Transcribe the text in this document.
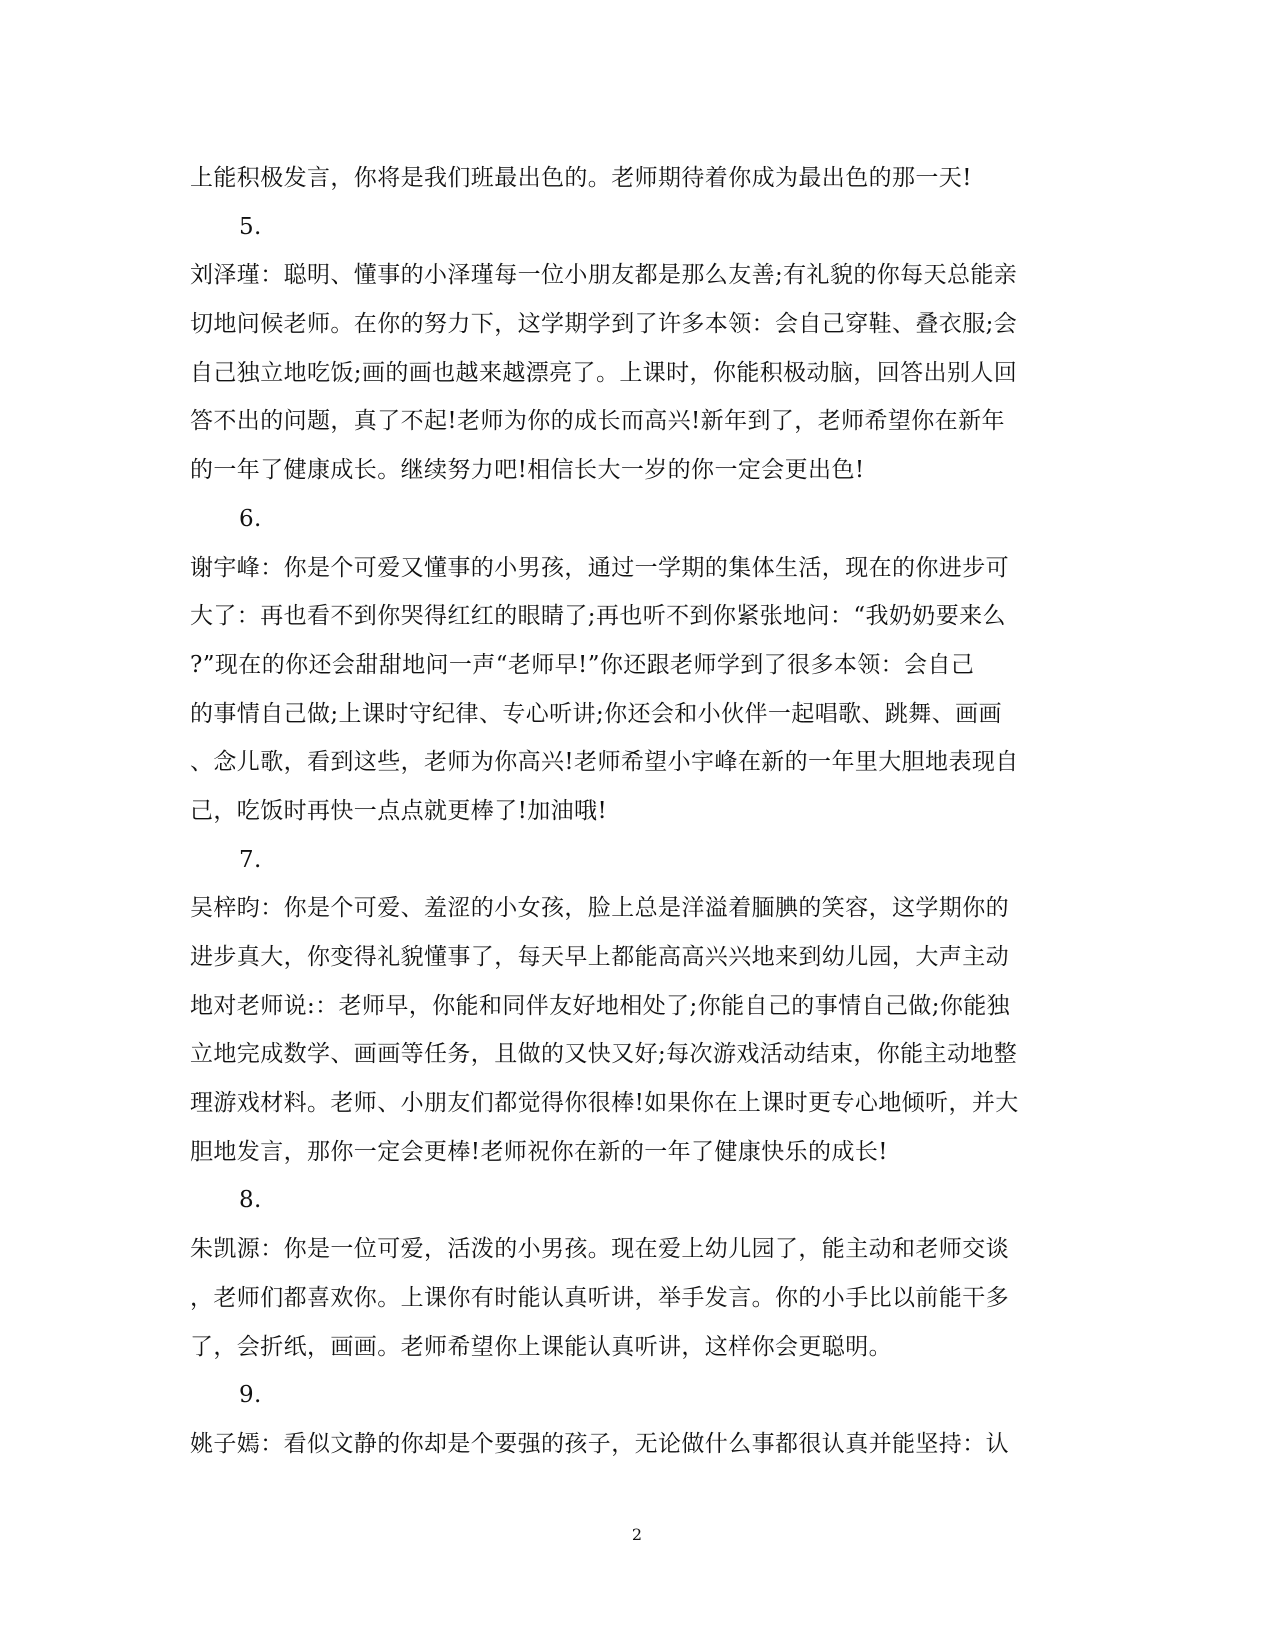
上能积极发言，你将是我们班最出色的。老师期待着你成为最出色的那一天!
5.
刘泽瑾：聪明、懂事的小泽瑾每一位小朋友都是那么友善;有礼貌的你每天总能亲
切地问候老师。在你的努力下，这学期学到了许多本领：会自己穿鞋、叠衣服;会
自己独立地吃饭;画的画也越来越漂亮了。上课时，你能积极动脑，回答出别人回
答不出的问题，真了不起!老师为你的成长而高兴!新年到了，老师希望你在新年
的一年了健康成长。继续努力吧!相信长大一岁的你一定会更出色!
6.
谢宇峰：你是个可爱又懂事的小男孩，通过一学期的集体生活，现在的你进步可
大了：再也看不到你哭得红红的眼睛了;再也听不到你紧张地问：“我奶奶要来么
?”现在的你还会甜甜地问一声“老师早!”你还跟老师学到了很多本领：会自己
的事情自己做;上课时守纪律、专心听讲;你还会和小伙伴一起唱歌、跳舞、画画
、念儿歌，看到这些，老师为你高兴!老师希望小宇峰在新的一年里大胆地表现自
己，吃饭时再快一点点就更棒了!加油哦!
7.
吴梓昀：你是个可爱、羞涩的小女孩，脸上总是洋溢着腼腆的笑容，这学期你的
进步真大，你变得礼貌懂事了，每天早上都能高高兴兴地来到幼儿园，大声主动
地对老师说:：老师早，你能和同伴友好地相处了;你能自己的事情自己做;你能独
立地完成数学、画画等任务，且做的又快又好;每次游戏活动结束，你能主动地整
理游戏材料。老师、小朋友们都觉得你很棒!如果你在上课时更专心地倾听，并大
胆地发言，那你一定会更棒!老师祝你在新的一年了健康快乐的成长!
8.
朱凯源：你是一位可爱，活泼的小男孩。现在爱上幼儿园了，能主动和老师交谈
，老师们都喜欢你。上课你有时能认真听讲，举手发言。你的小手比以前能干多
了，会折纸，画画。老师希望你上课能认真听讲，这样你会更聪明。
9.
姚子嫣：看似文静的你却是个要强的孩子，无论做什么事都很认真并能坚持：认
2
